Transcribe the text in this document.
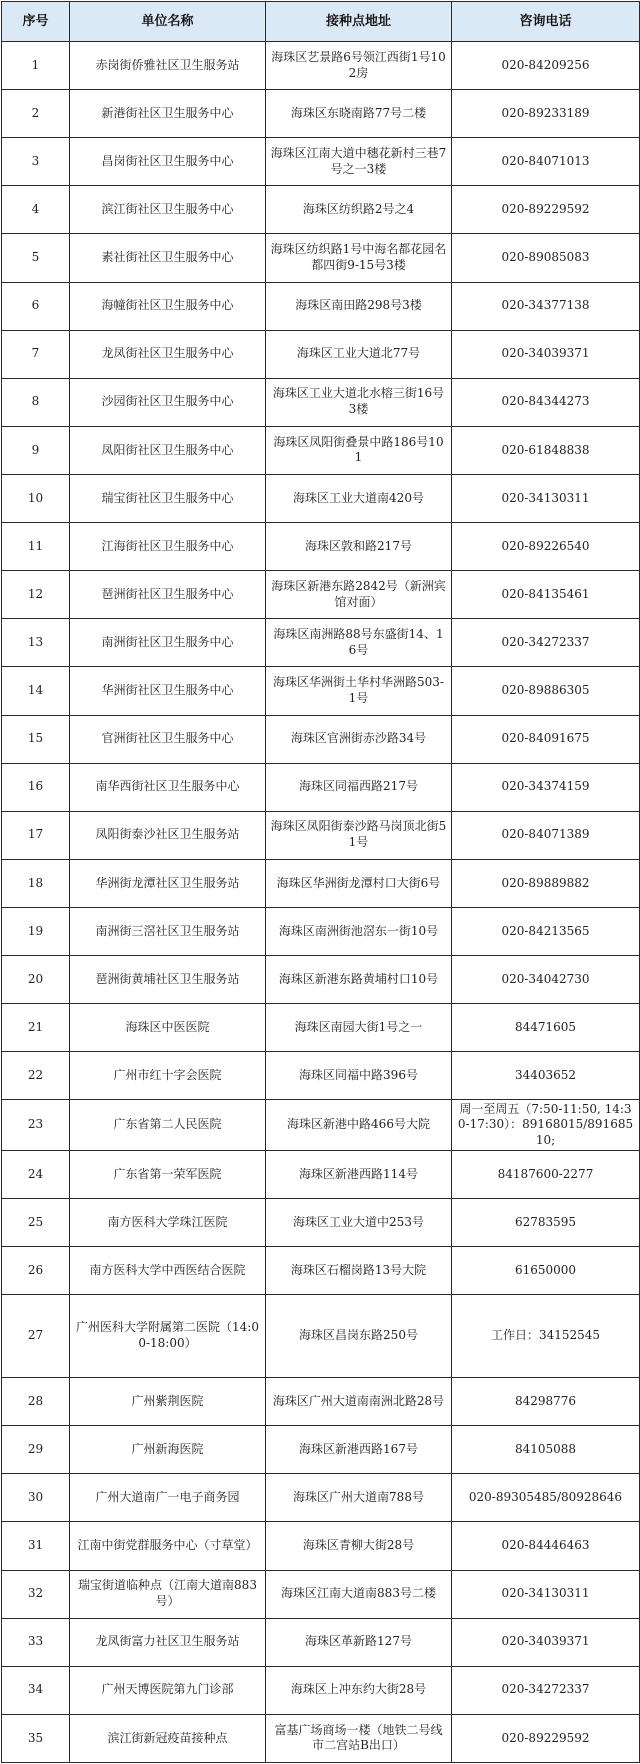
序号	单位名称	接种点地址	咨询电话
1	赤岗街侨雅社区卫生服务站	海珠区艺景路6号领江西街1号102房	020-84209256
2	新港街社区卫生服务中心	海珠区东晓南路77号二楼	020-89233189
3	昌岗街社区卫生服务中心	海珠区江南大道中穗花新村三巷7号之一3楼	020-84071013
4	滨江街社区卫生服务中心	海珠区纺织路2号之4	020-89229592
5	素社街社区卫生服务中心	海珠区纺织路1号中海名都花园名都四街9-15号3楼	020-89085083
6	海幢街社区卫生服务中心	海珠区南田路298号3楼	020-34377138
7	龙凤街社区卫生服务中心	海珠区工业大道北77号	020-34039371
8	沙园街社区卫生服务中心	海珠区工业大道北水榕三街16号3楼	020-84344273
9	凤阳街社区卫生服务中心	海珠区凤阳街叠景中路186号101	020-61848838
10	瑞宝街社区卫生服务中心	海珠区工业大道南420号	020-34130311
11	江海街社区卫生服务中心	海珠区敦和路217号	020-89226540
12	琶洲街社区卫生服务中心	海珠区新港东路2842号（新洲宾馆对面）	020-84135461
13	南洲街社区卫生服务中心	海珠区南洲路88号东盛街14、16号	020-34272337
14	华洲街社区卫生服务中心	海珠区华洲街土华村华洲路503-1号	020-89886305
15	官洲街社区卫生服务中心	海珠区官洲街赤沙路34号	020-84091675
16	南华西街社区卫生服务中心	海珠区同福西路217号	020-34374159
17	凤阳街泰沙社区卫生服务站	海珠区凤阳街泰沙路马岗顶北街51号	020-84071389
18	华洲街龙潭社区卫生服务站	海珠区华洲街龙潭村口大街6号	020-89889882
19	南洲街三滘社区卫生服务站	海珠区南洲街池滘东一街10号	020-84213565
20	琶洲街黄埔社区卫生服务站	海珠区新港东路黄埔村口10号	020-34042730
21	海珠区中医医院	海珠区南园大街1号之一	84471605
22	广州市红十字会医院	海珠区同福中路396号	34403652
23	广东省第二人民医院	海珠区新港中路466号大院	周一至周五（7:50-11:50, 14:30-17:30）：89168015/89168510;
24	广东省第一荣军医院	海珠区新港西路114号	84187600-2277
25	南方医科大学珠江医院	海珠区工业大道中253号	62783595
26	南方医科大学中西医结合医院	海珠区石榴岗路13号大院	61650000
27	广州医科大学附属第二医院（14:00-18:00）	海珠区昌岗东路250号	工作日：34152545
28	广州紫荆医院	海珠区广州大道南南洲北路28号	84298776
29	广州新海医院	海珠区新港西路167号	84105088
30	广州大道南广一电子商务园	海珠区广州大道南788号	020-89305485/80928646
31	江南中街党群服务中心（寸草堂）	海珠区青柳大街28号	020-84446463
32	瑞宝街道临种点（江南大道南883号）	海珠区江南大道南883号二楼	020-34130311
33	龙凤街富力社区卫生服务站	海珠区革新路127号	020-34039371
34	广州天博医院第九门诊部	海珠区上冲东约大街28号	020-34272337
35	滨江街新冠疫苗接种点	富基广场商场一楼（地铁二号线市二宫站B出口）	020-89229592
